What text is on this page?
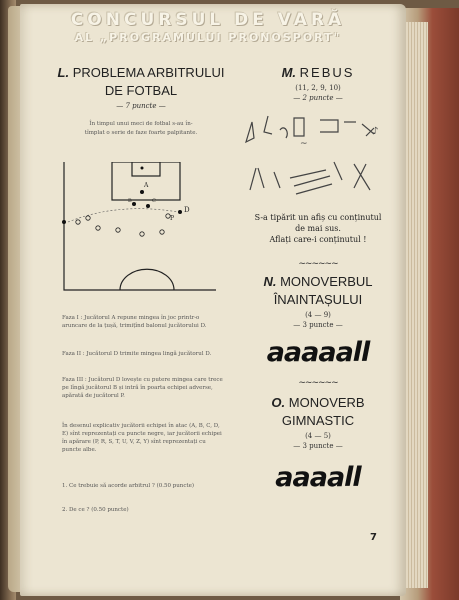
CONCURSUL DE VARĂ
AL „PROGRAMULUI PRONOSPORT"
L. PROBLEMA ARBITRULUI
DE FOTBAL
— 7 puncte —
În timpul unui meci de fotbal s-au în-
tîmplat o serie de faze foarte palpitante.
A
D
P
B	C
Faza I : Jucătorul A repune mingea în joc printr-o aruncare de la țușă, trimițînd balonul jucătorului D.
Faza II : Jucătorul D trimite mingea lingă jucătorul D.
Faza III : Jucătorul D lovește cu putere mingea care trece pe lîngă jucătorul B și intră în poarta echipei adverse, apărată de jucătorul P.
În desenul explicativ jucătorii echipei în atac (A, B, C, D, E) sînt reprezentați cu puncte negre, iar jucătorii echipei în apărare (P, R, S, T, U, V, Z, Y) sînt reprezentați cu puncte albe.
1. Ce trebuie să acorde arbitrul ? (0.50 puncte)
2. De ce ? (0.50 puncte)
M. REBUS
(11, 2, 9, 10)
— 2 puncte —
~
♪
S-a tipărit un afiș cu conținutul
de mai sus.
Aflați care-i conținutul !
~~~~~~
N. MONOVERBUL
ÎNAINTAȘULUI
(4 — 9)
— 3 puncte —
aaaaall
~~~~~~
O. MONOVERB GIMNASTIC
(4 — 5)
— 3 puncte —
aaaall
7
